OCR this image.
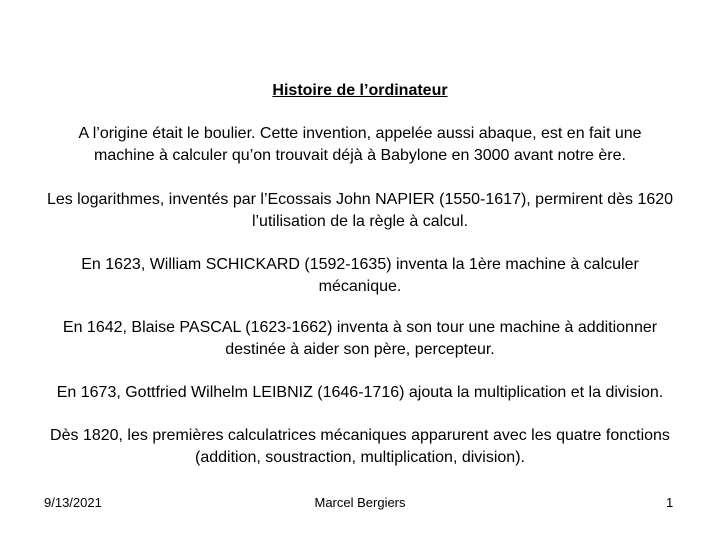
Histoire de l’ordinateur
A l’origine était le boulier. Cette invention, appelée aussi abaque, est en fait une
machine à calculer qu’on trouvait déjà à Babylone en 3000 avant notre ère.
Les logarithmes, inventés par l’Ecossais John NAPIER (1550-1617), permirent dès 1620
l’utilisation de la règle à calcul.
En 1623, William SCHICKARD (1592-1635) inventa la 1ère machine à calculer
mécanique.
En 1642, Blaise PASCAL (1623-1662) inventa à son tour une machine à additionner
destinée à aider son père, percepteur.
En 1673, Gottfried Wilhelm LEIBNIZ (1646-1716) ajouta la multiplication et la division.
Dès 1820, les premières calculatrices mécaniques apparurent avec les quatre fonctions
(addition, soustraction, multiplication, division).
9/13/2021	Marcel Bergiers	1
